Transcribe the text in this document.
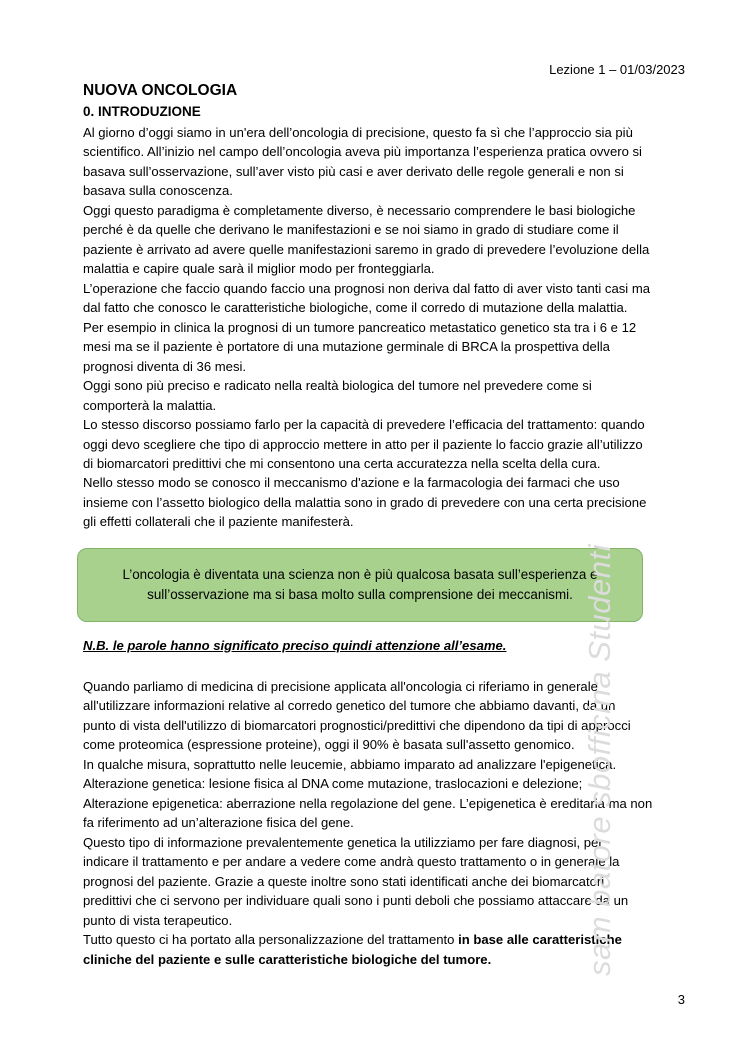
Lezione 1 – 01/03/2023
NUOVA ONCOLOGIA
0. INTRODUZIONE
Al giorno d’oggi siamo in un'era dell’oncologia di precisione, questo fa sì che l’approccio sia più
scientifico. All’inizio nel campo dell’oncologia aveva più importanza l’esperienza pratica ovvero si
basava sull’osservazione, sull’aver visto più casi e aver derivato delle regole generali e non si
basava sulla conoscenza.
Oggi questo paradigma è completamente diverso, è necessario comprendere le basi biologiche
perché è da quelle che derivano le manifestazioni e se noi siamo in grado di studiare come il
paziente è arrivato ad avere quelle manifestazioni saremo in grado di prevedere l’evoluzione della
malattia e capire quale sarà il miglior modo per fronteggiarla.
L’operazione che faccio quando faccio una prognosi non deriva dal fatto di aver visto tanti casi ma
dal fatto che conosco le caratteristiche biologiche, come il corredo di mutazione della malattia.
Per esempio in clinica la prognosi di un tumore pancreatico metastatico genetico sta tra i 6 e 12
mesi ma se il paziente è portatore di una mutazione germinale di BRCA la prospettiva della
prognosi diventa di 36 mesi.
Oggi sono più preciso e radicato nella realtà biologica del tumore nel prevedere come si
comporterà la malattia.
Lo stesso discorso possiamo farlo per la capacità di prevedere l’efficacia del trattamento: quando
oggi devo scegliere che tipo di approccio mettere in atto per il paziente lo faccio grazie all’utilizzo
di biomarcatori predittivi che mi consentono una certa accuratezza nella scelta della cura.
Nello stesso modo se conosco il meccanismo d'azione e la farmacologia dei farmaci che uso
insieme con l’assetto biologico della malattia sono in grado di prevedere con una certa precisione
gli effetti collaterali che il paziente manifesterà.
L’oncologia è diventata una scienza non è più qualcosa basata sull’esperienza e
sull’osservazione ma si basa molto sulla comprensione dei meccanismi.
N.B. le parole hanno significato preciso quindi attenzione all’esame.
Quando parliamo di medicina di precisione applicata all'oncologia ci riferiamo in generale
all'utilizzare informazioni relative al corredo genetico del tumore che abbiamo davanti, da un
punto di vista dell'utilizzo di biomarcatori prognostici/predittivi che dipendono da tipi di approcci
come proteomica (espressione proteine), oggi il 90% è basata sull'assetto genomico.
In qualche misura, soprattutto nelle leucemie, abbiamo imparato ad analizzare l'epigenetica.
Alterazione genetica: lesione fisica al DNA come mutazione, traslocazioni e delezione;
Alterazione epigenetica: aberrazione nella regolazione del gene. L’epigenetica è ereditaria ma non
fa riferimento ad un’alterazione fisica del gene.
Questo tipo di informazione prevalentemente genetica la utilizziamo per fare diagnosi, per
indicare il trattamento e per andare a vedere come andrà questo trattamento o in generale la
prognosi del paziente. Grazie a queste inoltre sono stati identificati anche dei biomarcatori
predittivi che ci servono per individuare quali sono i punti deboli che possiamo attaccare da un
punto di vista terapeutico.
Tutto questo ci ha portato alla personalizzazione del trattamento in base alle caratteristiche
cliniche del paziente e sulle caratteristiche biologiche del tumore.	sam batore sbofficina Studenti
3
